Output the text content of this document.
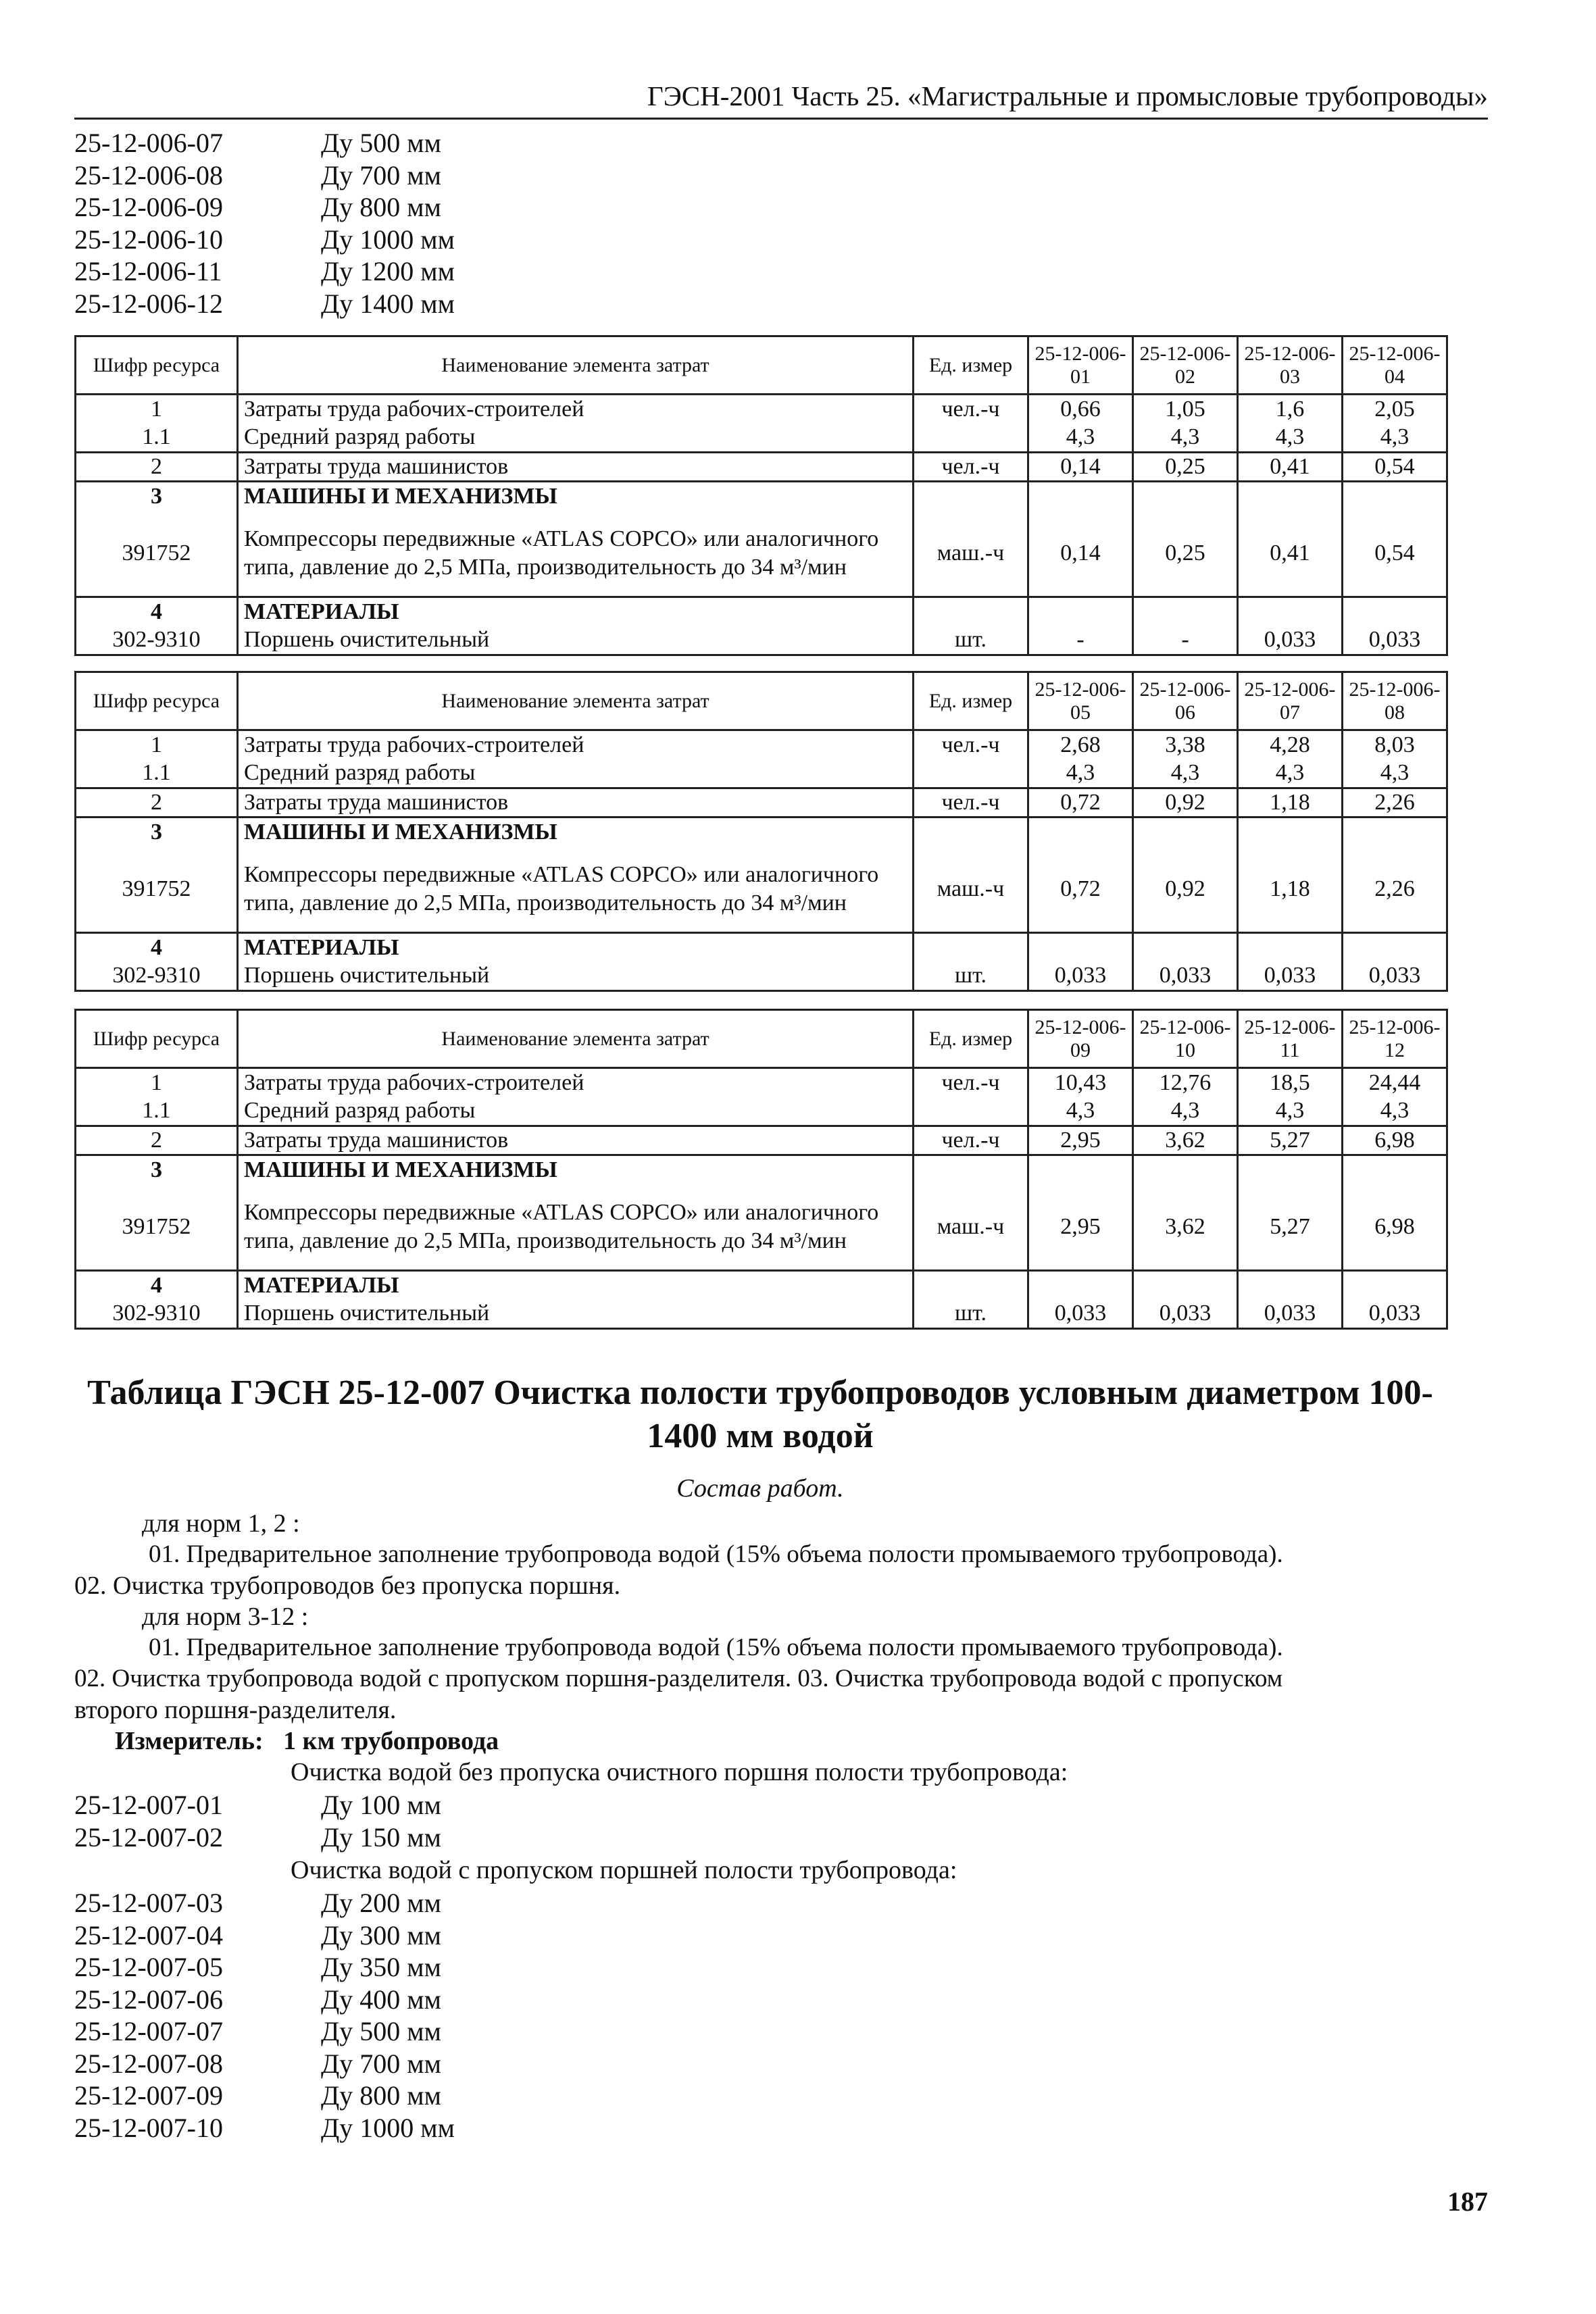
ГЭСН-2001 Часть 25. «Магистральные и промысловые трубопроводы»
25-12-006-07	Ду 500 мм
25-12-006-08	Ду 700 мм
25-12-006-09	Ду 800 мм
25-12-006-10	Ду 1000 мм
25-12-006-11	Ду 1200 мм
25-12-006-12	Ду 1400 мм
Шифр ресурса	Наименование элемента затрат	Ед. измер	25-12-006-01	25-12-006-02	25-12-006-03	25-12-006-04
1	Затраты труда рабочих-строителей	чел.-ч	0,66	1,05	1,6	2,05
1.1	Средний разряд работы		4,3	4,3	4,3	4,3
2	Затраты труда машинистов	чел.-ч	0,14	0,25	0,41	0,54
3	МАШИНЫ И МЕХАНИЗМЫ					
391752	Компрессоры передвижные «ATLAS COPCO» или аналогичного типа, давление до 2,5 МПа, производительность до 34 м³/мин	маш.-ч	0,14	0,25	0,41	0,54
4	МАТЕРИАЛЫ					
302-9310	Поршень очистительный	шт.	-	-	0,033	0,033
Шифр ресурса	Наименование элемента затрат	Ед. измер	25-12-006-05	25-12-006-06	25-12-006-07	25-12-006-08
1	Затраты труда рабочих-строителей	чел.-ч	2,68	3,38	4,28	8,03
1.1	Средний разряд работы		4,3	4,3	4,3	4,3
2	Затраты труда машинистов	чел.-ч	0,72	0,92	1,18	2,26
3	МАШИНЫ И МЕХАНИЗМЫ					
391752	Компрессоры передвижные «ATLAS COPCO» или аналогичного типа, давление до 2,5 МПа, производительность до 34 м³/мин	маш.-ч	0,72	0,92	1,18	2,26
4	МАТЕРИАЛЫ					
302-9310	Поршень очистительный	шт.	0,033	0,033	0,033	0,033
Шифр ресурса	Наименование элемента затрат	Ед. измер	25-12-006-09	25-12-006-10	25-12-006-11	25-12-006-12
1	Затраты труда рабочих-строителей	чел.-ч	10,43	12,76	18,5	24,44
1.1	Средний разряд работы		4,3	4,3	4,3	4,3
2	Затраты труда машинистов	чел.-ч	2,95	3,62	5,27	6,98
3	МАШИНЫ И МЕХАНИЗМЫ					
391752	Компрессоры передвижные «ATLAS COPCO» или аналогичного типа, давление до 2,5 МПа, производительность до 34 м³/мин	маш.-ч	2,95	3,62	5,27	6,98
4	МАТЕРИАЛЫ					
302-9310	Поршень очистительный	шт.	0,033	0,033	0,033	0,033
Таблица ГЭСН 25-12-007 Очистка полости трубопроводов условным диаметром 100-
1400 мм водой
Состав работ.
для норм 1, 2 :
01. Предварительное заполнение трубопровода водой (15% объема полости промываемого трубопровода).
02. Очистка трубопроводов без пропуска поршня.
для норм 3-12 :
01. Предварительное заполнение трубопровода водой (15% объема полости промываемого трубопровода).
02. Очистка трубопровода водой с пропуском поршня-разделителя. 03. Очистка трубопровода водой с пропуском
второго поршня-разделителя.
Измеритель: 1 км трубопровода
Очистка водой без пропуска очистного поршня полости трубопровода:
25-12-007-01	Ду 100 мм
25-12-007-02	Ду 150 мм
Очистка водой с пропуском поршней полости трубопровода:
25-12-007-03	Ду 200 мм
25-12-007-04	Ду 300 мм
25-12-007-05	Ду 350 мм
25-12-007-06	Ду 400 мм
25-12-007-07	Ду 500 мм
25-12-007-08	Ду 700 мм
25-12-007-09	Ду 800 мм
25-12-007-10	Ду 1000 мм
187
